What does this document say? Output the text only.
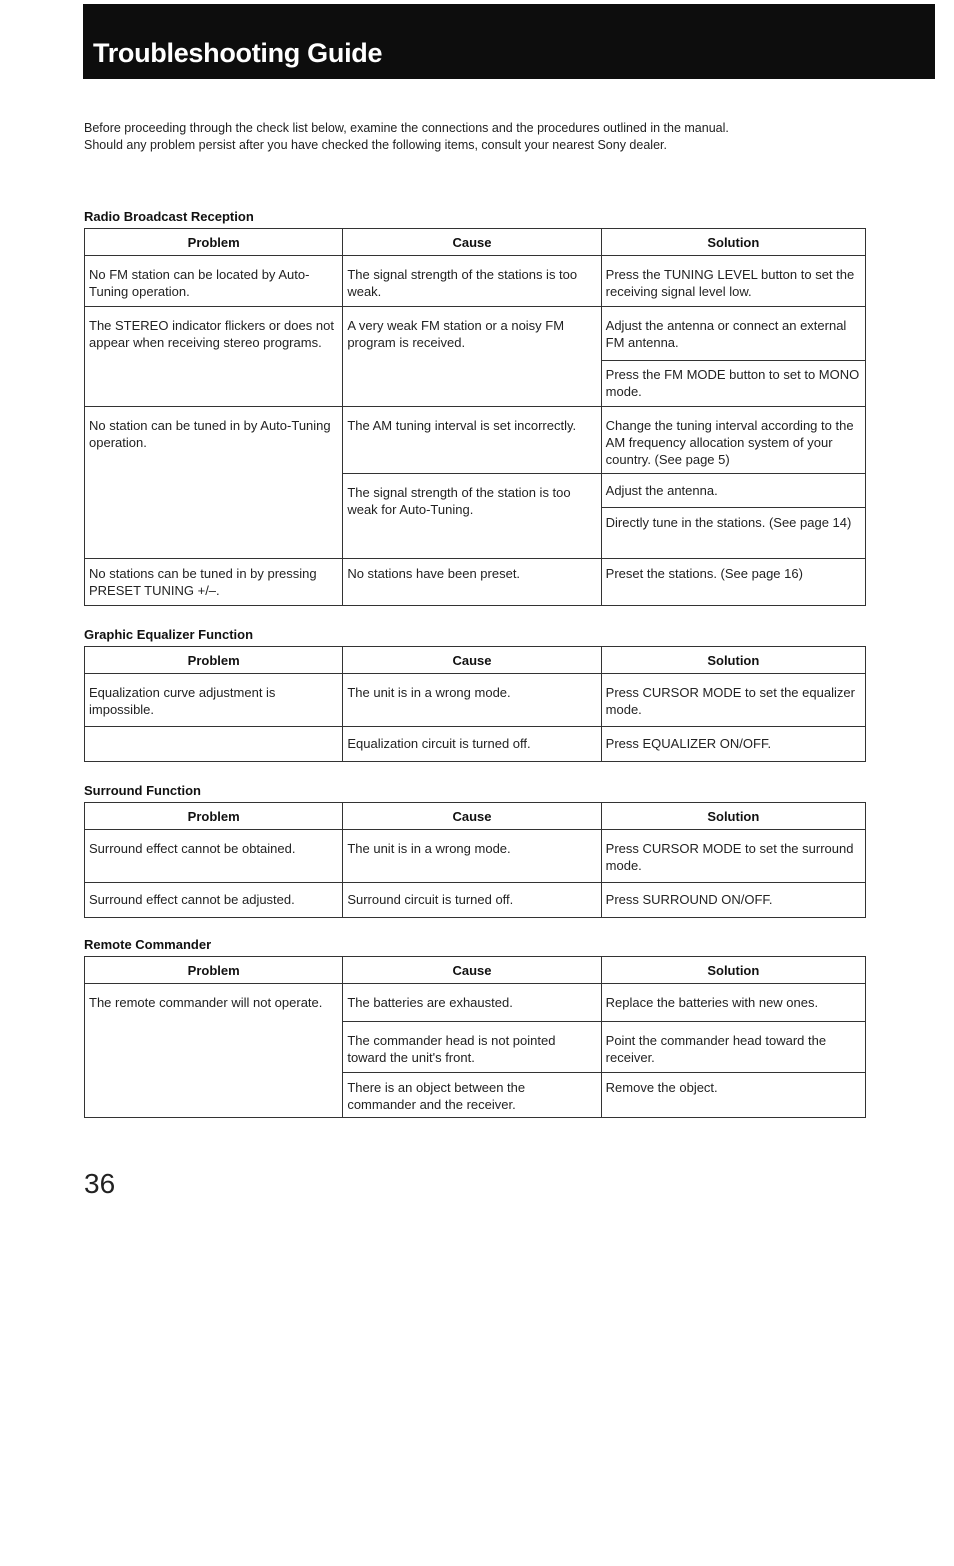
Troubleshooting Guide

Before proceeding through the check list below, examine the connections and the procedures outlined in the manual.

Should any problem persist after you have checked the following items, consult your nearest Sony dealer.

Radio Broadcast Reception
Problem	Cause	Solution
No FM station can be located by Auto-Tuning operation.	The signal strength of the stations is too weak.	Press the TUNING LEVEL button to set the receiving signal level low.
The STEREO indicator flickers or does not appear when receiving stereo programs.	A very weak FM station or a noisy FM program is received.	Adjust the antenna or connect an external FM antenna.
		Press the FM MODE button to set to MONO mode.
No station can be tuned in by Auto-Tuning operation.	The AM tuning interval is set incorrectly.	Change the tuning interval according to the AM frequency allocation system of your country. (See page 5)
	The signal strength of the station is too weak for Auto-Tuning.	Adjust the antenna.
		Directly tune in the stations. (See page 14)
No stations can be tuned in by pressing PRESET TUNING +/–.	No stations have been preset.	Preset the stations. (See page 16)
Graphic Equalizer Function
Problem	Cause	Solution
Equalization curve adjustment is impossible.	The unit is in a wrong mode.	Press CURSOR MODE to set the equalizer mode.
	Equalization circuit is turned off.	Press EQUALIZER ON/OFF.
Surround Function
Problem	Cause	Solution
Surround effect cannot be obtained.	The unit is in a wrong mode.	Press CURSOR MODE to set the surround mode.
Surround effect cannot be adjusted.	Surround circuit is turned off.	Press SURROUND ON/OFF.
Remote Commander
Problem	Cause	Solution
The remote commander will not operate.	The batteries are exhausted.	Replace the batteries with new ones.
	The commander head is not pointed toward the unit's front.	Point the commander head toward the receiver.
	There is an object between the commander and the receiver.	Remove the object.
36
